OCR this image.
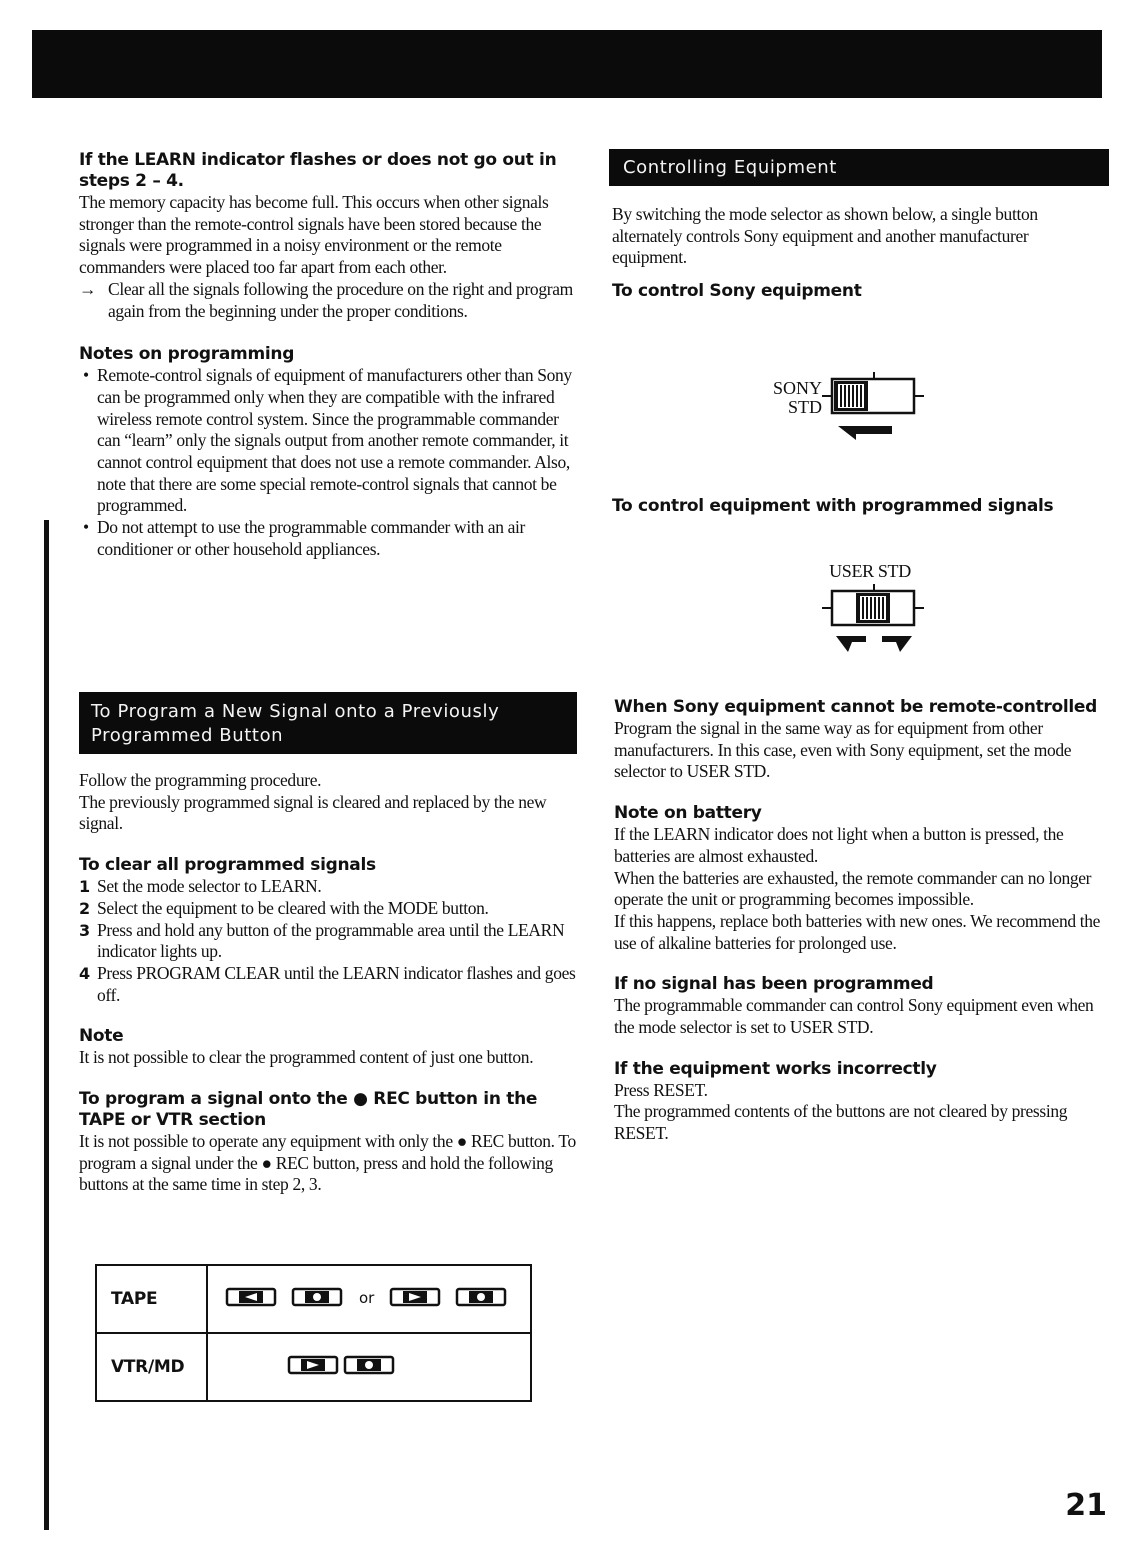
If the LEARN indicator flashes or does not go out in steps 2 – 4.

The memory capacity has become full. This occurs when other signals stronger than the remote-control signals have been stored because the signals were programmed in a noisy environment or the remote commanders were placed too far apart from each other.

→ Clear all the signals following the procedure on the right and program again from the beginning under the proper conditions.

Notes on programming

• Remote-control signals of equipment of manufacturers other than Sony can be programmed only when they are compatible with the infrared wireless remote control system. Since the programmable commander can “learn” only the signals output from another remote commander, it cannot control equipment that does not use a remote commander. Also, note that there are some special remote-control signals that cannot be programmed.

• Do not attempt to use the programmable commander with an air conditioner or other household appliances.

To Program a New Signal onto a Previously Programmed Button

Follow the programming procedure.

The previously programmed signal is cleared and replaced by the new signal.

To clear all programmed signals

1 Set the mode selector to LEARN.

2 Select the equipment to be cleared with the MODE button.

3 Press and hold any button of the programmable area until the LEARN indicator lights up.

4 Press PROGRAM CLEAR until the LEARN indicator flashes and goes off.

Note

It is not possible to clear the programmed content of just one button.

To program a signal onto the ● REC button in the TAPE or VTR section

It is not possible to operate any equipment with only the ● REC button. To program a signal under the ● REC button, press and hold the following buttons at the same time in step 2, 3.

TAPE	or

VTR/MD	
Controlling Equipment

By switching the mode selector as shown below, a single button alternately controls Sony equipment and another manufacturer equipment.

To control Sony equipment
SONY
STD
To control equipment with programmed signals
USER STD
When Sony equipment cannot be remote-controlled

Program the signal in the same way as for equipment from other manufacturers. In this case, even with Sony equipment, set the mode selector to USER STD.

Note on battery

If the LEARN indicator does not light when a button is pressed, the batteries are almost exhausted.

When the batteries are exhausted, the remote commander can no longer operate the unit or programming becomes impossible.

If this happens, replace both batteries with new ones. We recommend the use of alkaline batteries for prolonged use.

If no signal has been programmed

The programmable commander can control Sony equipment even when the mode selector is set to USER STD.

If the equipment works incorrectly

Press RESET.

The programmed contents of the buttons are not cleared by pressing RESET.

21
